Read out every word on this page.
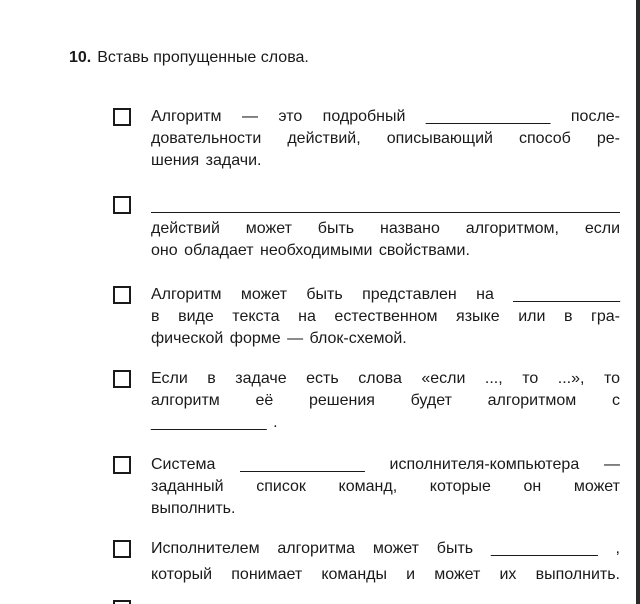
10. Вставь пропущенные слова.
Алгоритм — это подробный ______________ после-
довательности действий, описывающий способ ре-
шения задачи.
действий может быть названо алгоритмом, если
оно обладает необходимыми свойствами.
Алгоритм может быть представлен на ____________
в виде текста на естественном языке или в гра-
фической форме — блок-схемой.
Если в задаче есть слова «если ..., то ...», то
алгоритм её решения будет алгоритмом с
_____________ .
Система ______________ исполнителя-компьютера —
заданный список команд, которые он может
выполнить.
Исполнителем алгоритма может быть ____________ ,
который понимает команды и может их выполнить.
